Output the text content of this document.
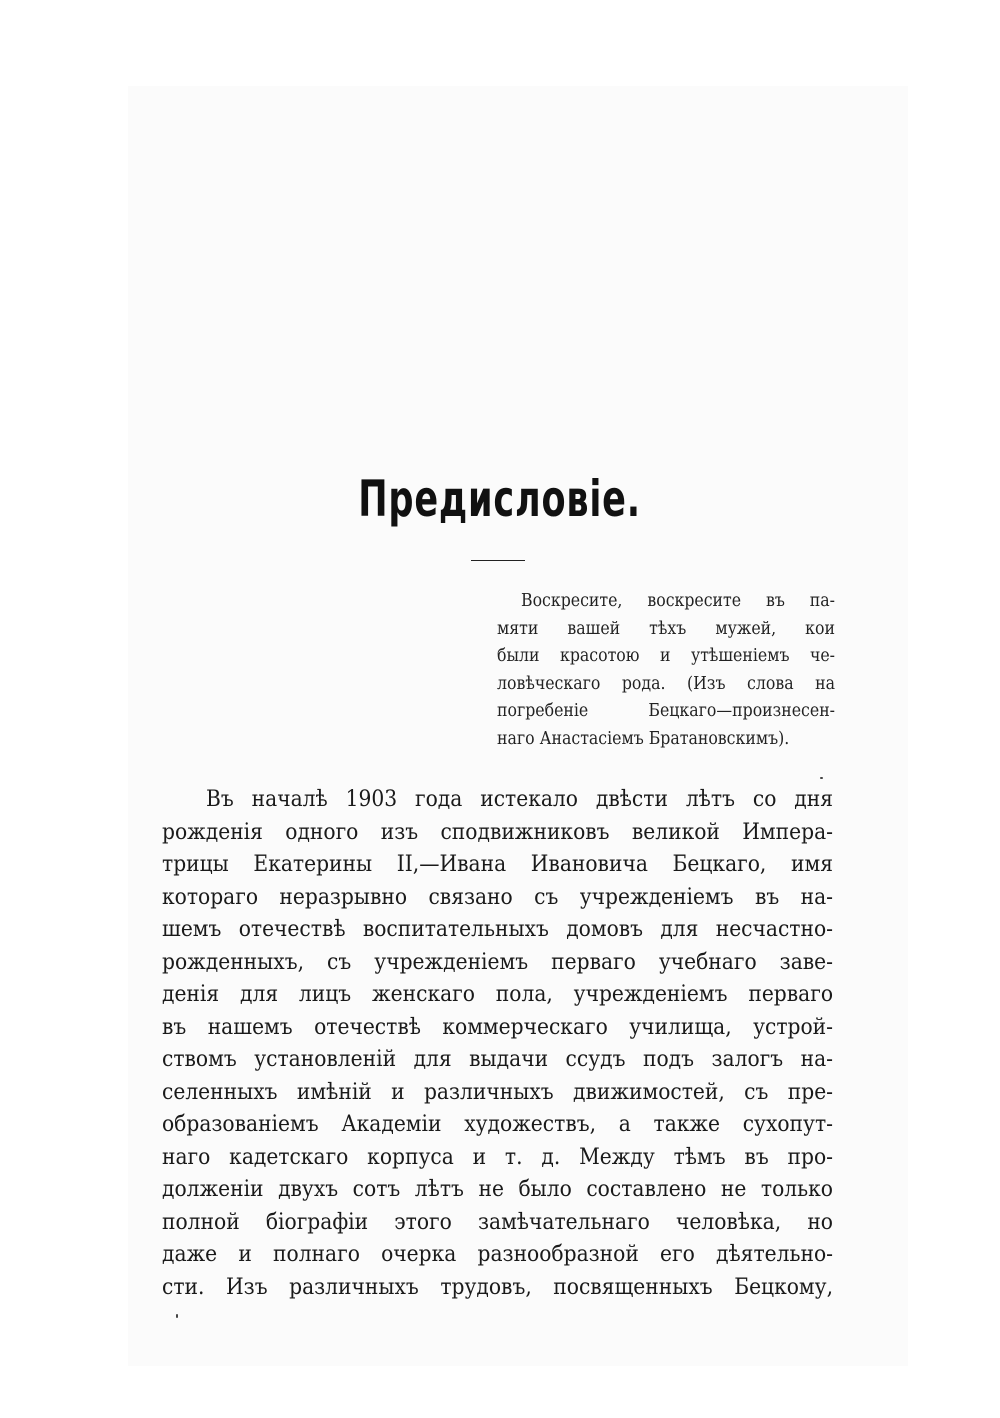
Предисловіе.
Воскресите, воскресите въ па-
мяти вашей тѣхъ мужей, кои
были красотою и утѣшеніемъ че-
ловѣческаго рода. (Изъ слова на
погребеніе Бецкаго—произнесен-
наго Анастасіемъ Братановскимъ).
Въ началѣ 1903 года истекало двѣсти лѣтъ со дня
рожденія одного изъ сподвижниковъ великой Импера-
трицы Екатерины II,—Ивана Ивановича Бецкаго, имя
котораго неразрывно связано съ учрежденіемъ въ на-
шемъ отечествѣ воспитательныхъ домовъ для несчастно-
рожденныхъ, съ учрежденіемъ перваго учебнаго заве-
денія для лицъ женскаго пола, учрежденіемъ перваго
въ нашемъ отечествѣ коммерческаго училища, устрой-
ствомъ установленій для выдачи ссудъ подъ залогъ на-
селенныхъ имѣній и различныхъ движимостей, съ пре-
образованіемъ Академіи художествъ, а также сухопут-
наго кадетскаго корпуса и т. д. Между тѣмъ въ про-
долженіи двухъ сотъ лѣтъ не было составлено не только
полной біографіи этого замѣчательнаго человѣка, но
даже и полнаго очерка разнообразной его дѣятельно-
сти. Изъ различныхъ трудовъ, посвященныхъ Бецкому,
